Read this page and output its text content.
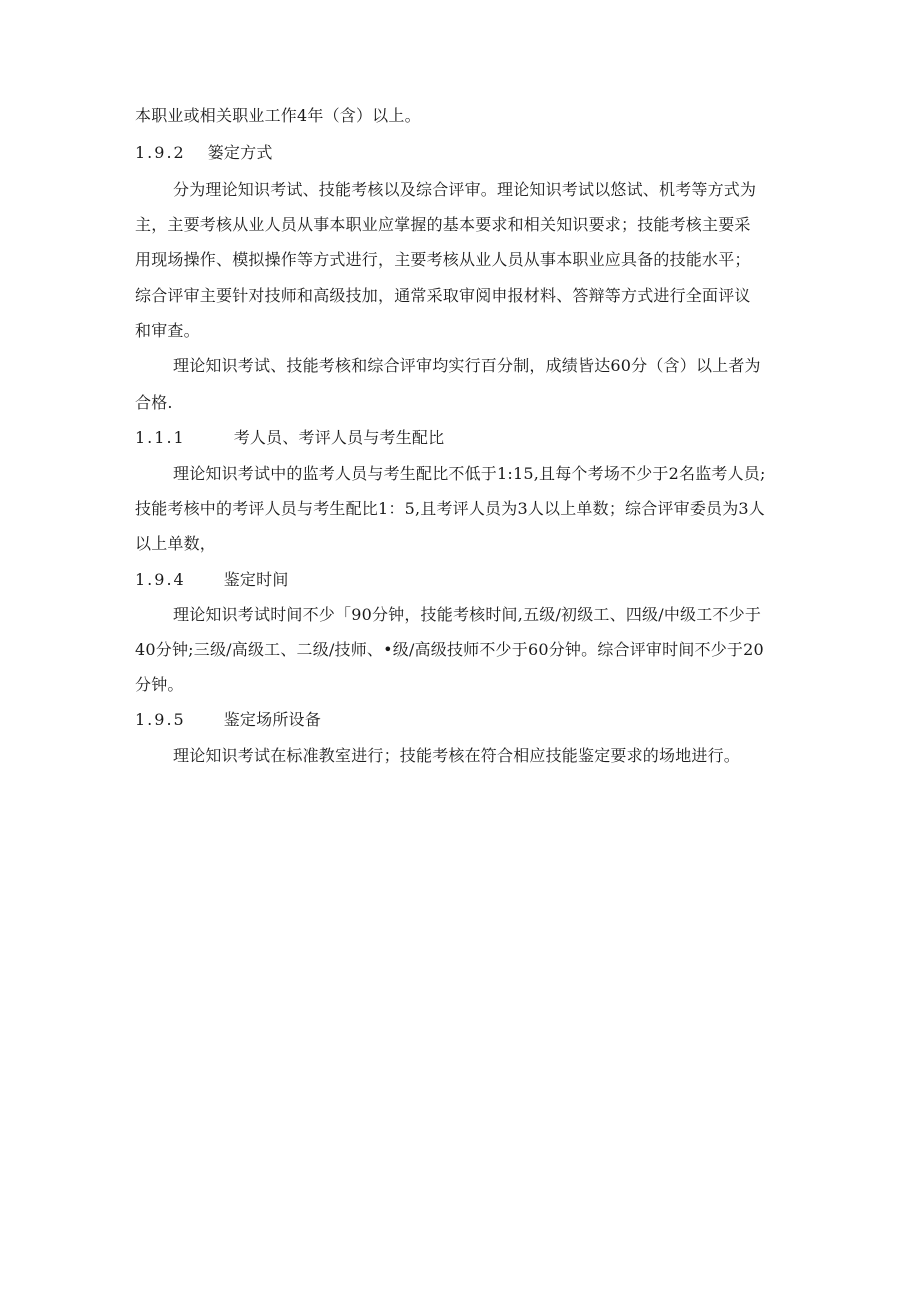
本职业或相关职业工作4年（含）以上。
1.9.2 篓定方式
分为理论知识考试、技能考核以及综合评审。理论知识考试以悠试、机考等方式为
主，主要考核从业人员从事本职业应掌握的基本要求和相关知识要求；技能考核主要采
用现场操作、模拟操作等方式进行，主要考核从业人员从事本职业应具备的技能水平；
综合评审主要针对技师和高级技加，通常采取审阅申报材料、答辩等方式进行全面评议
和审查。
理论知识考试、技能考核和综合评审均实行百分制，成绩皆达60分（含）以上者为
合格.
1.1.1	考人员、考评人员与考生配比
理论知识考试中的监考人员与考生配比不低于1:15,且每个考场不少于2名监考人员;
技能考核中的考评人员与考生配比1：5,且考评人员为3人以上单数；综合评审委员为3人
以上单数，
1.9.4 鉴定时间
理论知识考试时间不少「90分钟，技能考核时间,五级/初级工、四级/中级工不少于
40分钟;三级/高级工、二级/技师、•级/高级技师不少于60分钟。综合评审时间不少于20
分钟。
1.9.5 鉴定场所设备
理论知识考试在标准教室进行；技能考核在符合相应技能鉴定要求的场地进行。
